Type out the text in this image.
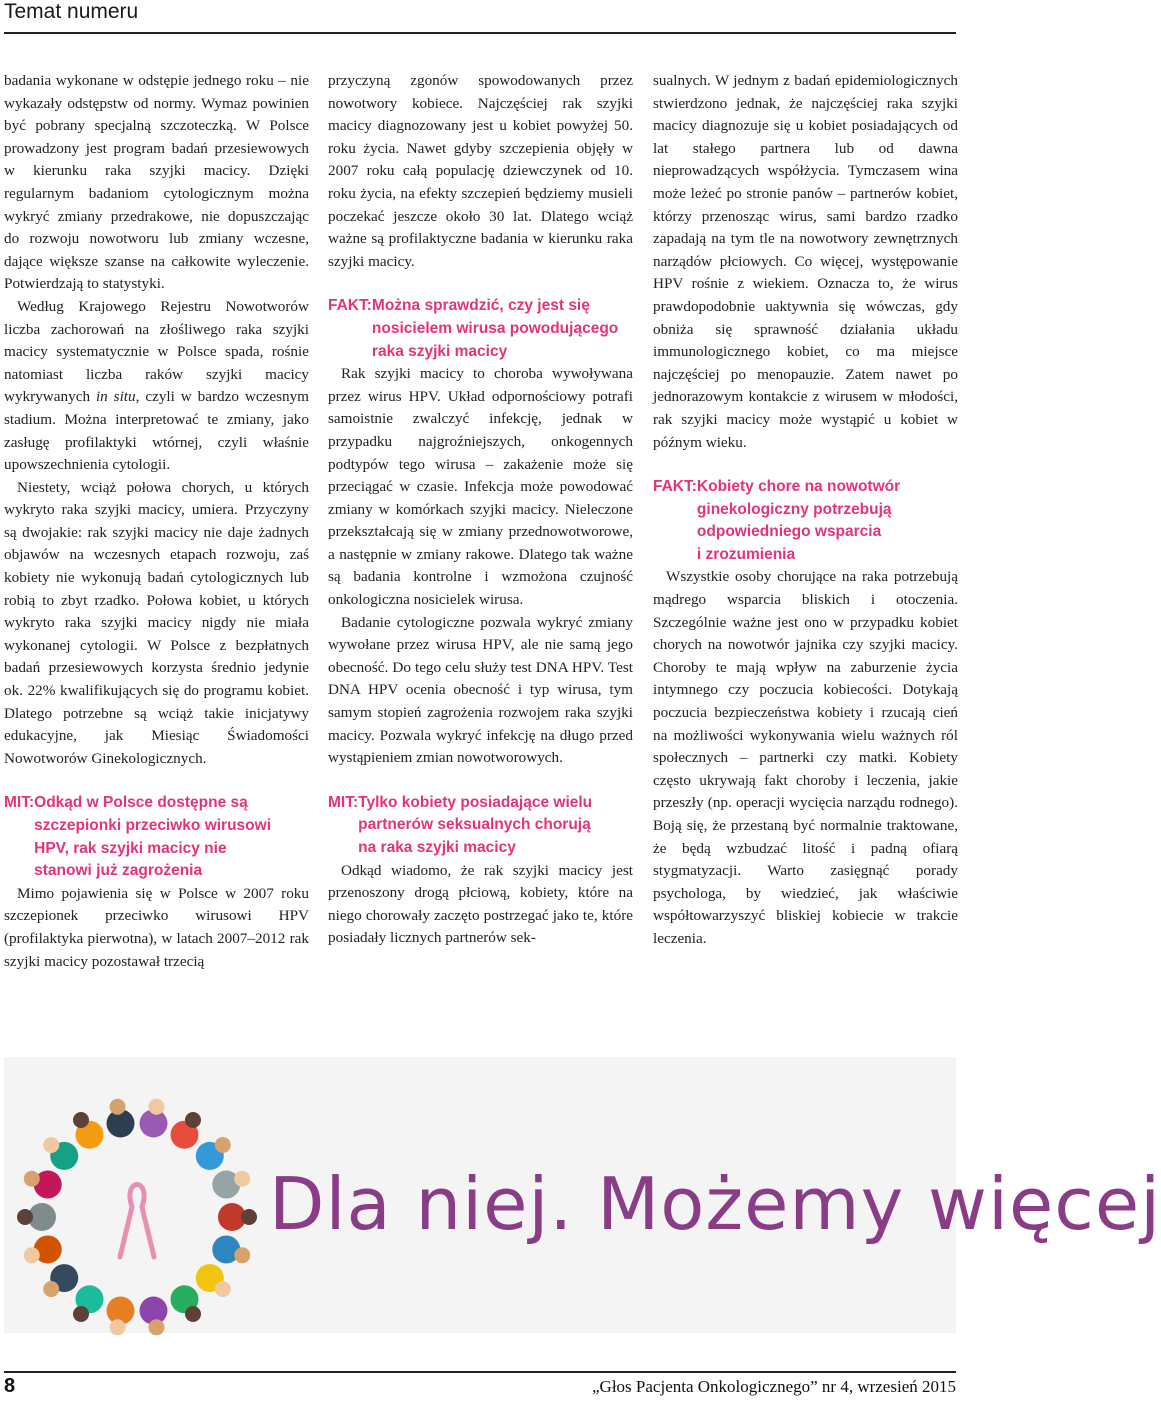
Temat numeru

badania wykonane w odstępie jednego roku – nie wykazały odstępstw od normy. Wymaz powinien być pobrany specjalną szczoteczką. W Polsce prowadzony jest program badań przesiewowych w kierunku raka szyjki macicy. Dzięki regularnym badaniom cytologicznym można wykryć zmiany przedrakowe, nie dopuszczając do rozwoju nowotworu lub zmiany wczesne, dające większe szanse na całkowite wyleczenie. Potwierdzają to statystyki.

Według Krajowego Rejestru Nowotworów liczba zachorowań na złośliwego raka szyjki macicy systematycznie w Polsce spada, rośnie natomiast liczba raków szyjki macicy wykrywanych in situ, czyli w bardzo wczesnym stadium. Można interpretować te zmiany, jako zasługę profilaktyki wtórnej, czyli właśnie upowszechnienia cytologii.

Niestety, wciąż połowa chorych, u których wykryto raka szyjki macicy, umiera. Przyczyny są dwojakie: rak szyjki macicy nie daje żadnych objawów na wczesnych etapach rozwoju, zaś kobiety nie wykonują badań cytologicznych lub robią to zbyt rzadko. Połowa kobiet, u których wykryto raka szyjki macicy nigdy nie miała wykonanej cytologii. W Polsce z bezpłatnych badań przesiewowych korzysta średnio jedynie ok. 22% kwalifikujących się do programu kobiet. Dlatego potrzebne są wciąż takie inicjatywy edukacyjne, jak Miesiąc Świadomości Nowotworów Ginekologicznych.

MIT: Odkąd w Polsce dostępne są
szczepionki przeciwko wirusowi
HPV, rak szyjki macicy nie
stanowi już zagrożenia

Mimo pojawienia się w Polsce w 2007 roku szczepionek przeciwko wirusowi HPV (profilaktyka pierwotna), w latach 2007–2012 rak szyjki macicy pozostawał trzecią

przyczyną zgonów spowodowanych przez nowotwory kobiece. Najczęściej rak szyjki macicy diagnozowany jest u kobiet powyżej 50. roku życia. Nawet gdyby szczepienia objęły w 2007 roku całą populację dziewczynek od 10. roku życia, na efekty szczepień będziemy musieli poczekać jeszcze około 30 lat. Dlatego wciąż ważne są profilaktyczne badania w kierunku raka szyjki macicy.

FAKT: Można sprawdzić, czy jest się
nosicielem wirusa powodującego
raka szyjki macicy

Rak szyjki macicy to choroba wywoływana przez wirus HPV. Układ odpornościowy potrafi samoistnie zwalczyć infekcję, jednak w przypadku najgroźniejszych, onkogennych podtypów tego wirusa – zakażenie może się przeciągać w czasie. Infekcja może powodować zmiany w komórkach szyjki macicy. Nieleczone przekształcają się w zmiany przednowotworowe, a następnie w zmiany rakowe. Dlatego tak ważne są badania kontrolne i wzmożona czujność onkologiczna nosicielek wirusa.

Badanie cytologiczne pozwala wykryć zmiany wywołane przez wirusa HPV, ale nie samą jego obecność. Do tego celu służy test DNA HPV. Test DNA HPV ocenia obecność i typ wirusa, tym samym stopień zagrożenia rozwojem raka szyjki macicy. Pozwala wykryć infekcję na długo przed wystąpieniem zmian nowotworowych.

MIT: Tylko kobiety posiadające wielu
partnerów seksualnych chorują
na raka szyjki macicy

Odkąd wiadomo, że rak szyjki macicy jest przenoszony drogą płciową, kobiety, które na niego chorowały zaczęto postrzegać jako te, które posiadały licznych partnerów sek-

sualnych. W jednym z badań epidemiologicznych stwierdzono jednak, że najczęściej raka szyjki macicy diagnozuje się u kobiet posiadających od lat stałego partnera lub od dawna nieprowadzących współżycia. Tymczasem wina może leżeć po stronie panów – partnerów kobiet, którzy przenosząc wirus, sami bardzo rzadko zapadają na tym tle na nowotwory zewnętrznych narządów płciowych. Co więcej, występowanie HPV rośnie z wiekiem. Oznacza to, że wirus prawdopodobnie uaktywnia się wówczas, gdy obniża się sprawność działania układu immunologicznego kobiet, co ma miejsce najczęściej po menopauzie. Zatem nawet po jednorazowym kontakcie z wirusem w młodości, rak szyjki macicy może wystąpić u kobiet w późnym wieku.

FAKT: Kobiety chore na nowotwór
ginekologiczny potrzebują
odpowiedniego wsparcia
i zrozumienia

Wszystkie osoby chorujące na raka potrzebują mądrego wsparcia bliskich i otoczenia. Szczególnie ważne jest ono w przypadku kobiet chorych na nowotwór jajnika czy szyjki macicy. Choroby te mają wpływ na zaburzenie życia intymnego czy poczucia kobiecości. Dotykają poczucia bezpieczeństwa kobiety i rzucają cień na możliwości wykonywania wielu ważnych ról społecznych – partnerki czy matki. Kobiety często ukrywają fakt choroby i leczenia, jakie przeszły (np. operacji wycięcia narządu rodnego). Boją się, że przestaną być normalnie traktowane, że będą wzbudzać litość i padną ofiarą stygmatyzacji. Warto zasięgnąć porady psychologa, by wiedzieć, jak właściwie współtowarzyszyć bliskiej kobiecie w trakcie leczenia.

Dla niej. Możemy więcej
8	„Głos Pacjenta Onkologicznego” nr 4, wrzesień 2015
